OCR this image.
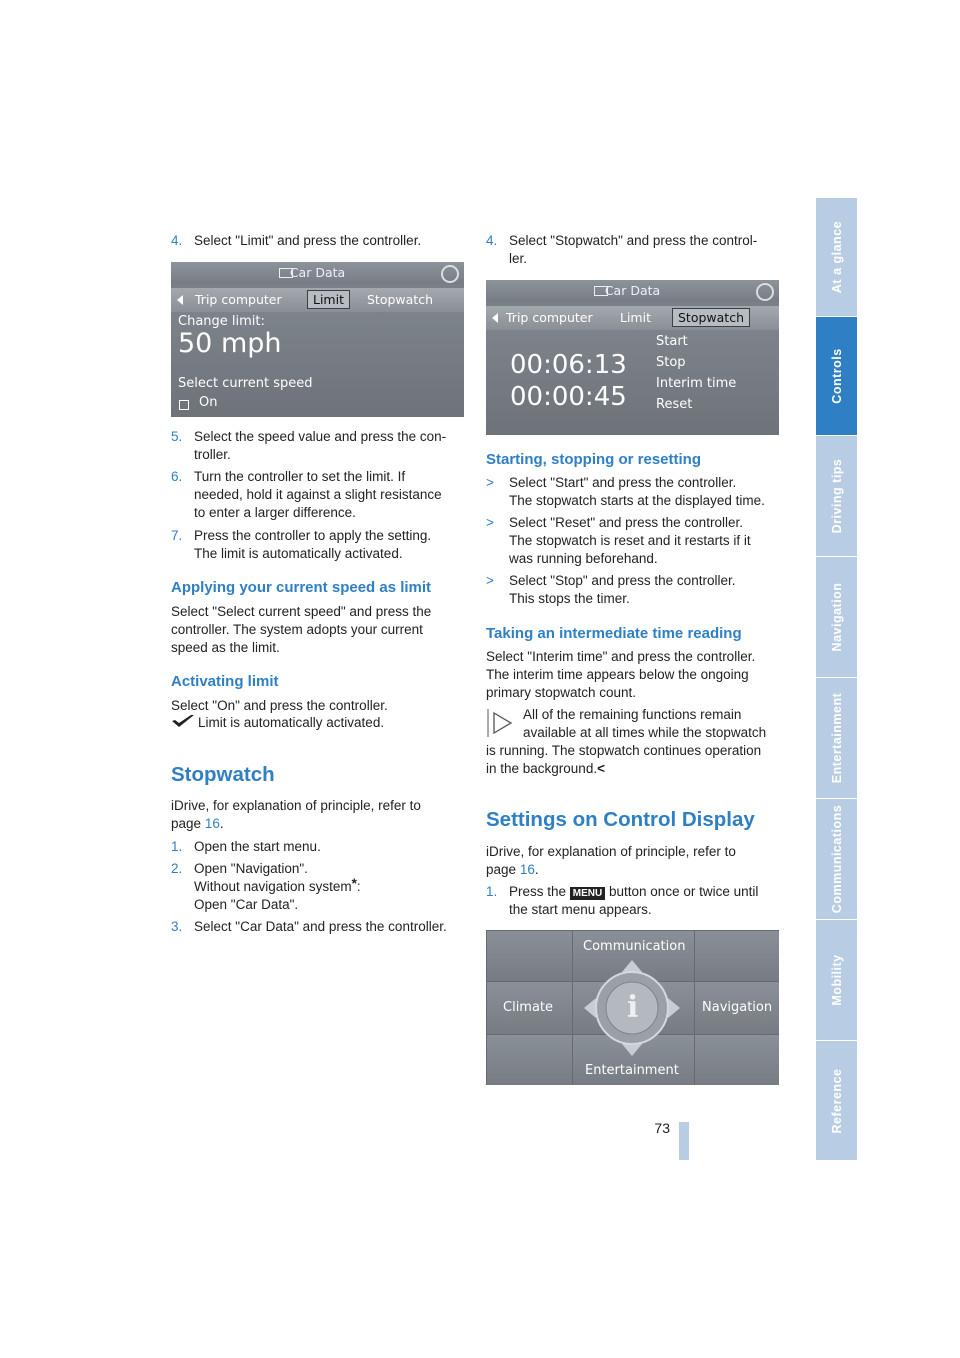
At a glance
Controls
Driving tips
Navigation
Entertainment
Communications
Mobility
Reference
73
4. Select "Limit" and press the controller.
Car Data
Trip computer	Limit	Stopwatch
Change limit:
50 mph
Select current speed
On
5. Select the speed value and press the con-
troller.
6. Turn the controller to set the limit. If
needed, hold it against a slight resistance
to enter a larger difference.
7. Press the controller to apply the setting.
The limit is automatically activated.
Applying your current speed as limit
Select "Select current speed" and press the
controller. The system adopts your current
speed as the limit.
Activating limit
Select "On" and press the controller.
Limit is automatically activated.
Stopwatch
iDrive, for explanation of principle, refer to
page 16.
1. Open the start menu.
2. Open "Navigation".
Without navigation system*:
Open "Car Data".
3. Select "Car Data" and press the controller.
4. Select "Stopwatch" and press the control-
ler.
Car Data
Trip computer Limit	Stopwatch
00:06:13
00:00:45
Start
Stop
Interim time
Reset
Starting, stopping or resetting
> Select "Start" and press the controller.
The stopwatch starts at the displayed time.
> Select "Reset" and press the controller.
The stopwatch is reset and it restarts if it
was running beforehand.
> Select "Stop" and press the controller.
This stops the timer.
Taking an intermediate time reading
Select "Interim time" and press the controller.
The interim time appears below the ongoing
primary stopwatch count.
All of the remaining functions remain
available at all times while the stopwatch
is running. The stopwatch continues operation
in the background.<
Settings on Control Display
iDrive, for explanation of principle, refer to
page 16.
1. Press the MENU button once or twice until
the start menu appears.
Communication
Climate	Navigation
Entertainment
i
